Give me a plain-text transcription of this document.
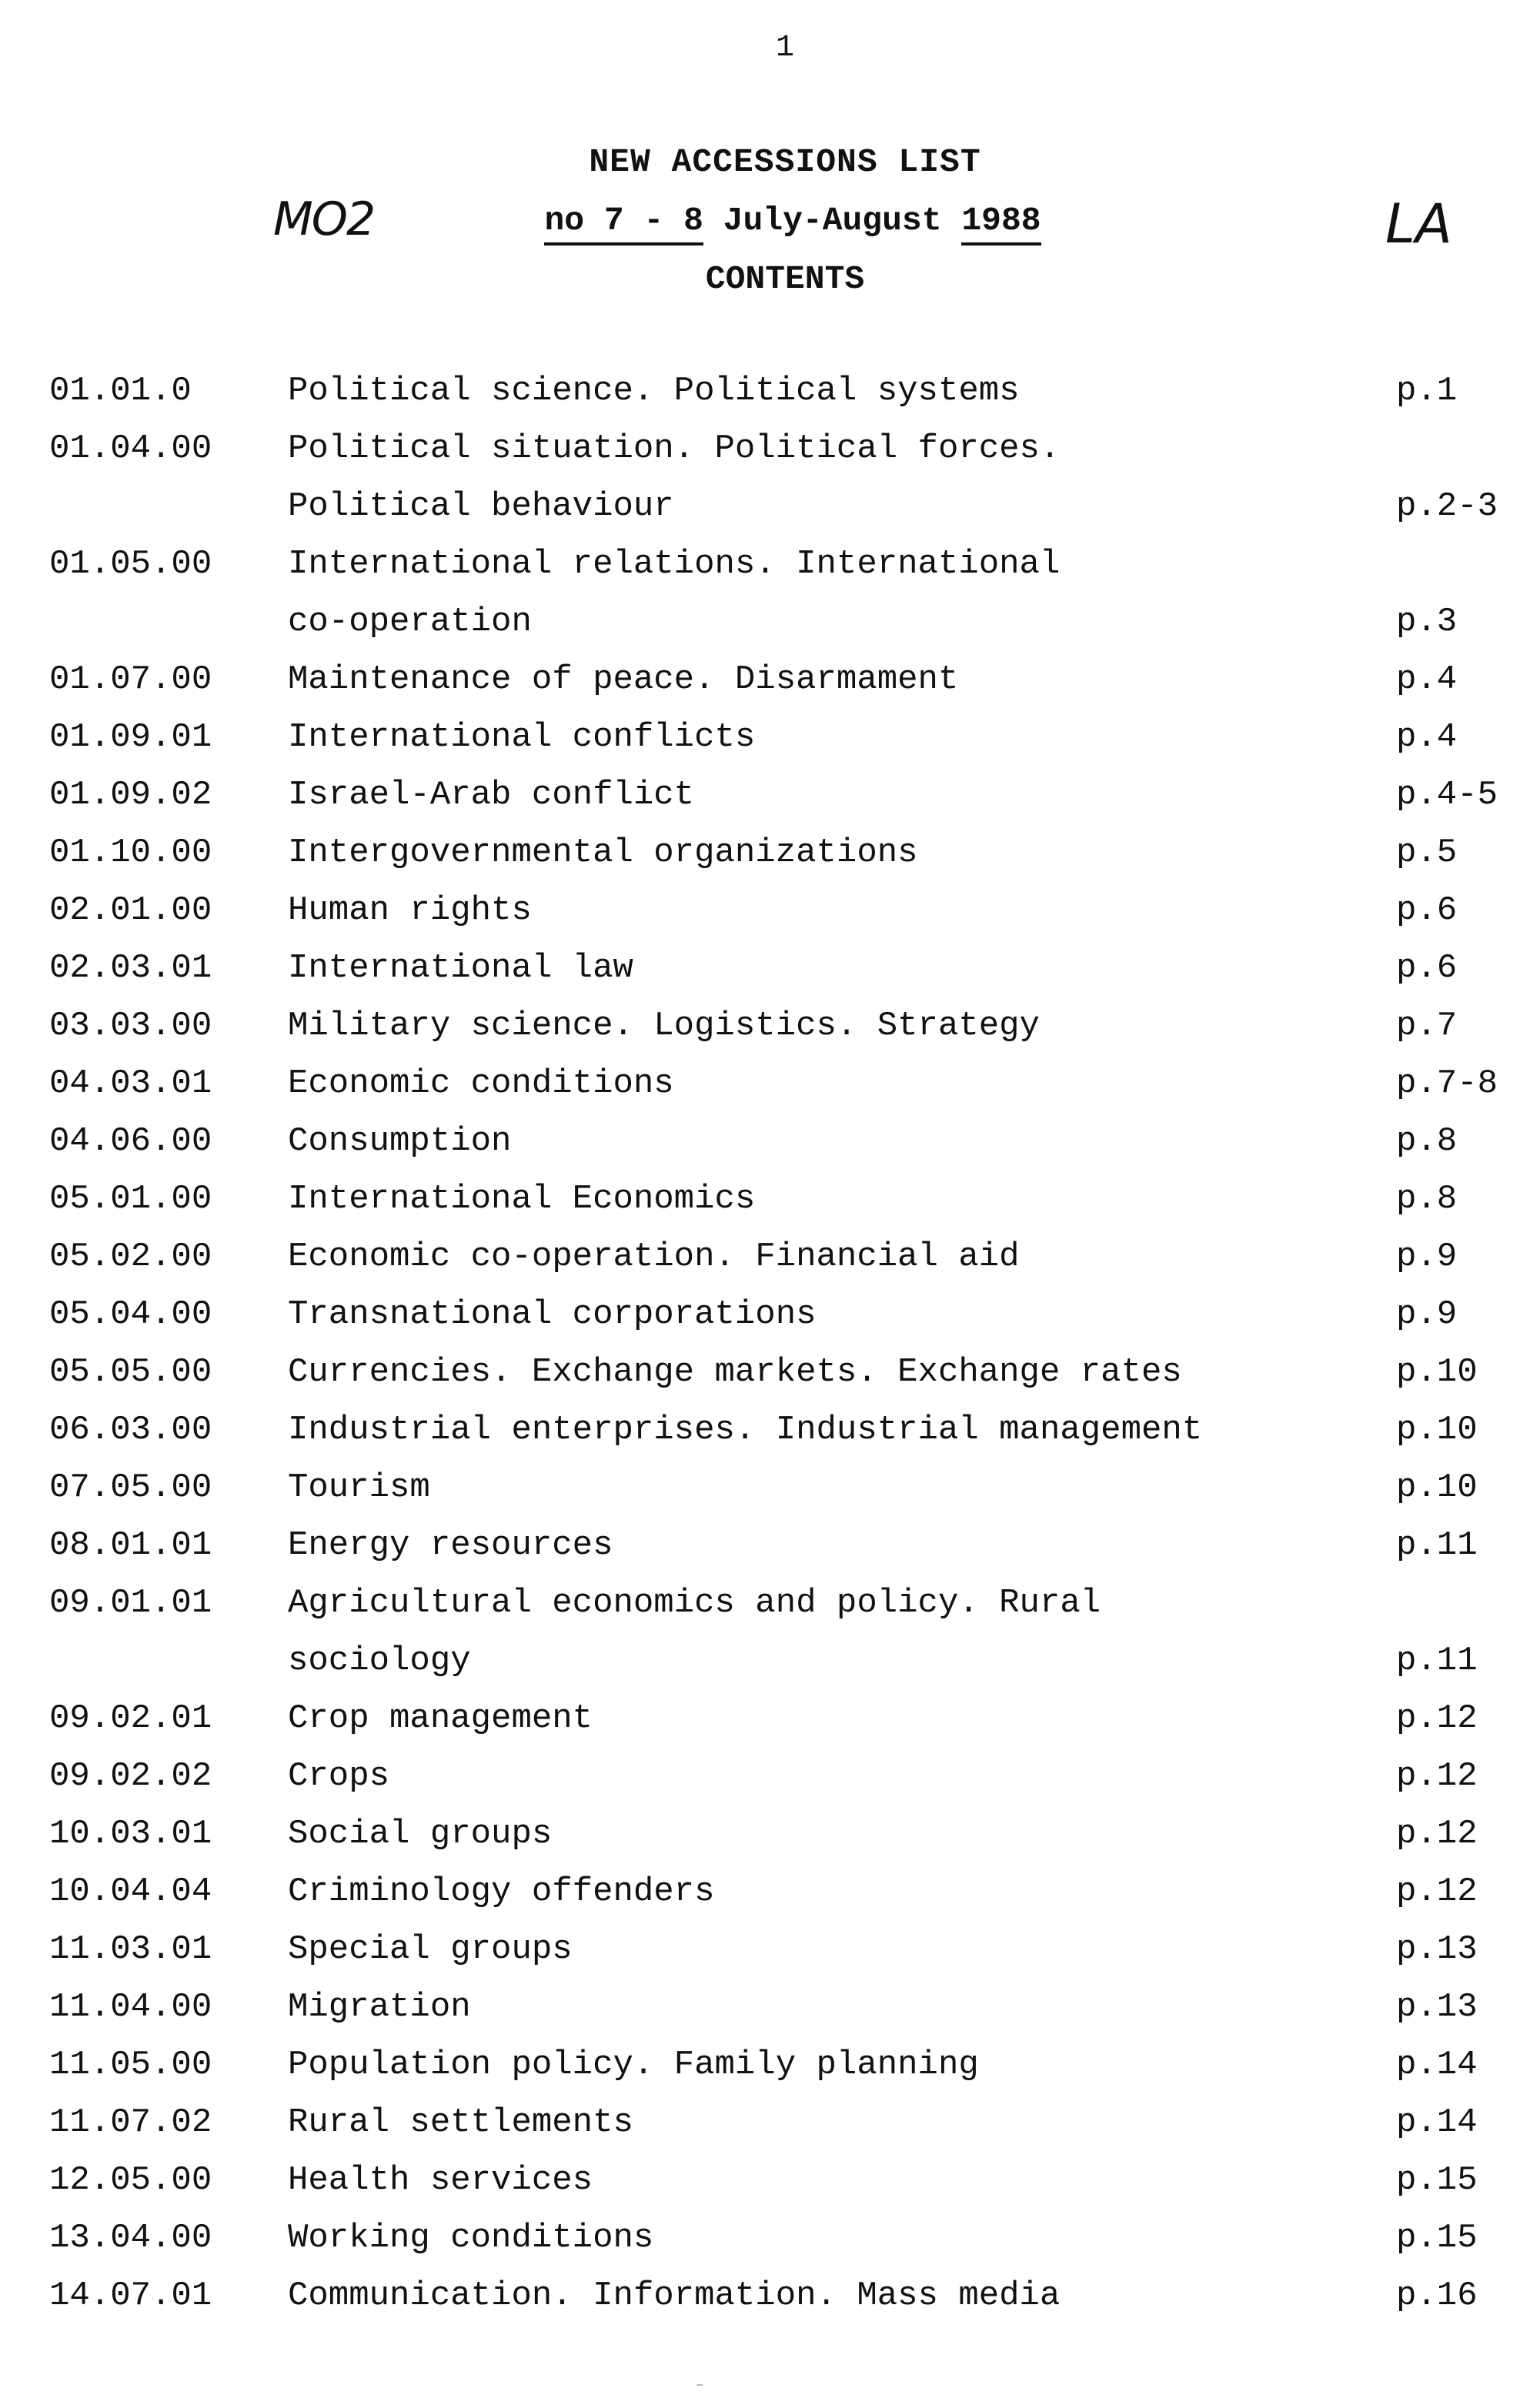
1
NEW ACCESSIONS LIST
no 7 - 8 July-August 1988
CONTENTS
MO2	LA
01.01.0	Political science. Political systems	p.1
01.04.00	Political situation. Political forces.
Political behaviour	p.2-3
01.05.00	International relations. International
co-operation	p.3
01.07.00	Maintenance of peace. Disarmament	p.4
01.09.01	International conflicts	p.4
01.09.02	Israel-Arab conflict	p.4-5
01.10.00	Intergovernmental organizations	p.5
02.01.00	Human rights	p.6
02.03.01	International law	p.6
03.03.00	Military science. Logistics. Strategy	p.7
04.03.01	Economic conditions	p.7-8
04.06.00	Consumption	p.8
05.01.00	International Economics	p.8
05.02.00	Economic co-operation. Financial aid	p.9
05.04.00	Transnational corporations	p.9
05.05.00	Currencies. Exchange markets. Exchange rates	p.10
06.03.00	Industrial enterprises. Industrial management	p.10
07.05.00	Tourism	p.10
08.01.01	Energy resources	p.11
09.01.01	Agricultural economics and policy. Rural
sociology	p.11
09.02.01	Crop management	p.12
09.02.02	Crops	p.12
10.03.01	Social groups	p.12
10.04.04	Criminology offenders	p.12
11.03.01	Special groups	p.13
11.04.00	Migration	p.13
11.05.00	Population policy. Family planning	p.14
11.07.02	Rural settlements	p.14
12.05.00	Health services	p.15
13.04.00	Working conditions	p.15
14.07.01	Communication. Information. Mass media	p.16
